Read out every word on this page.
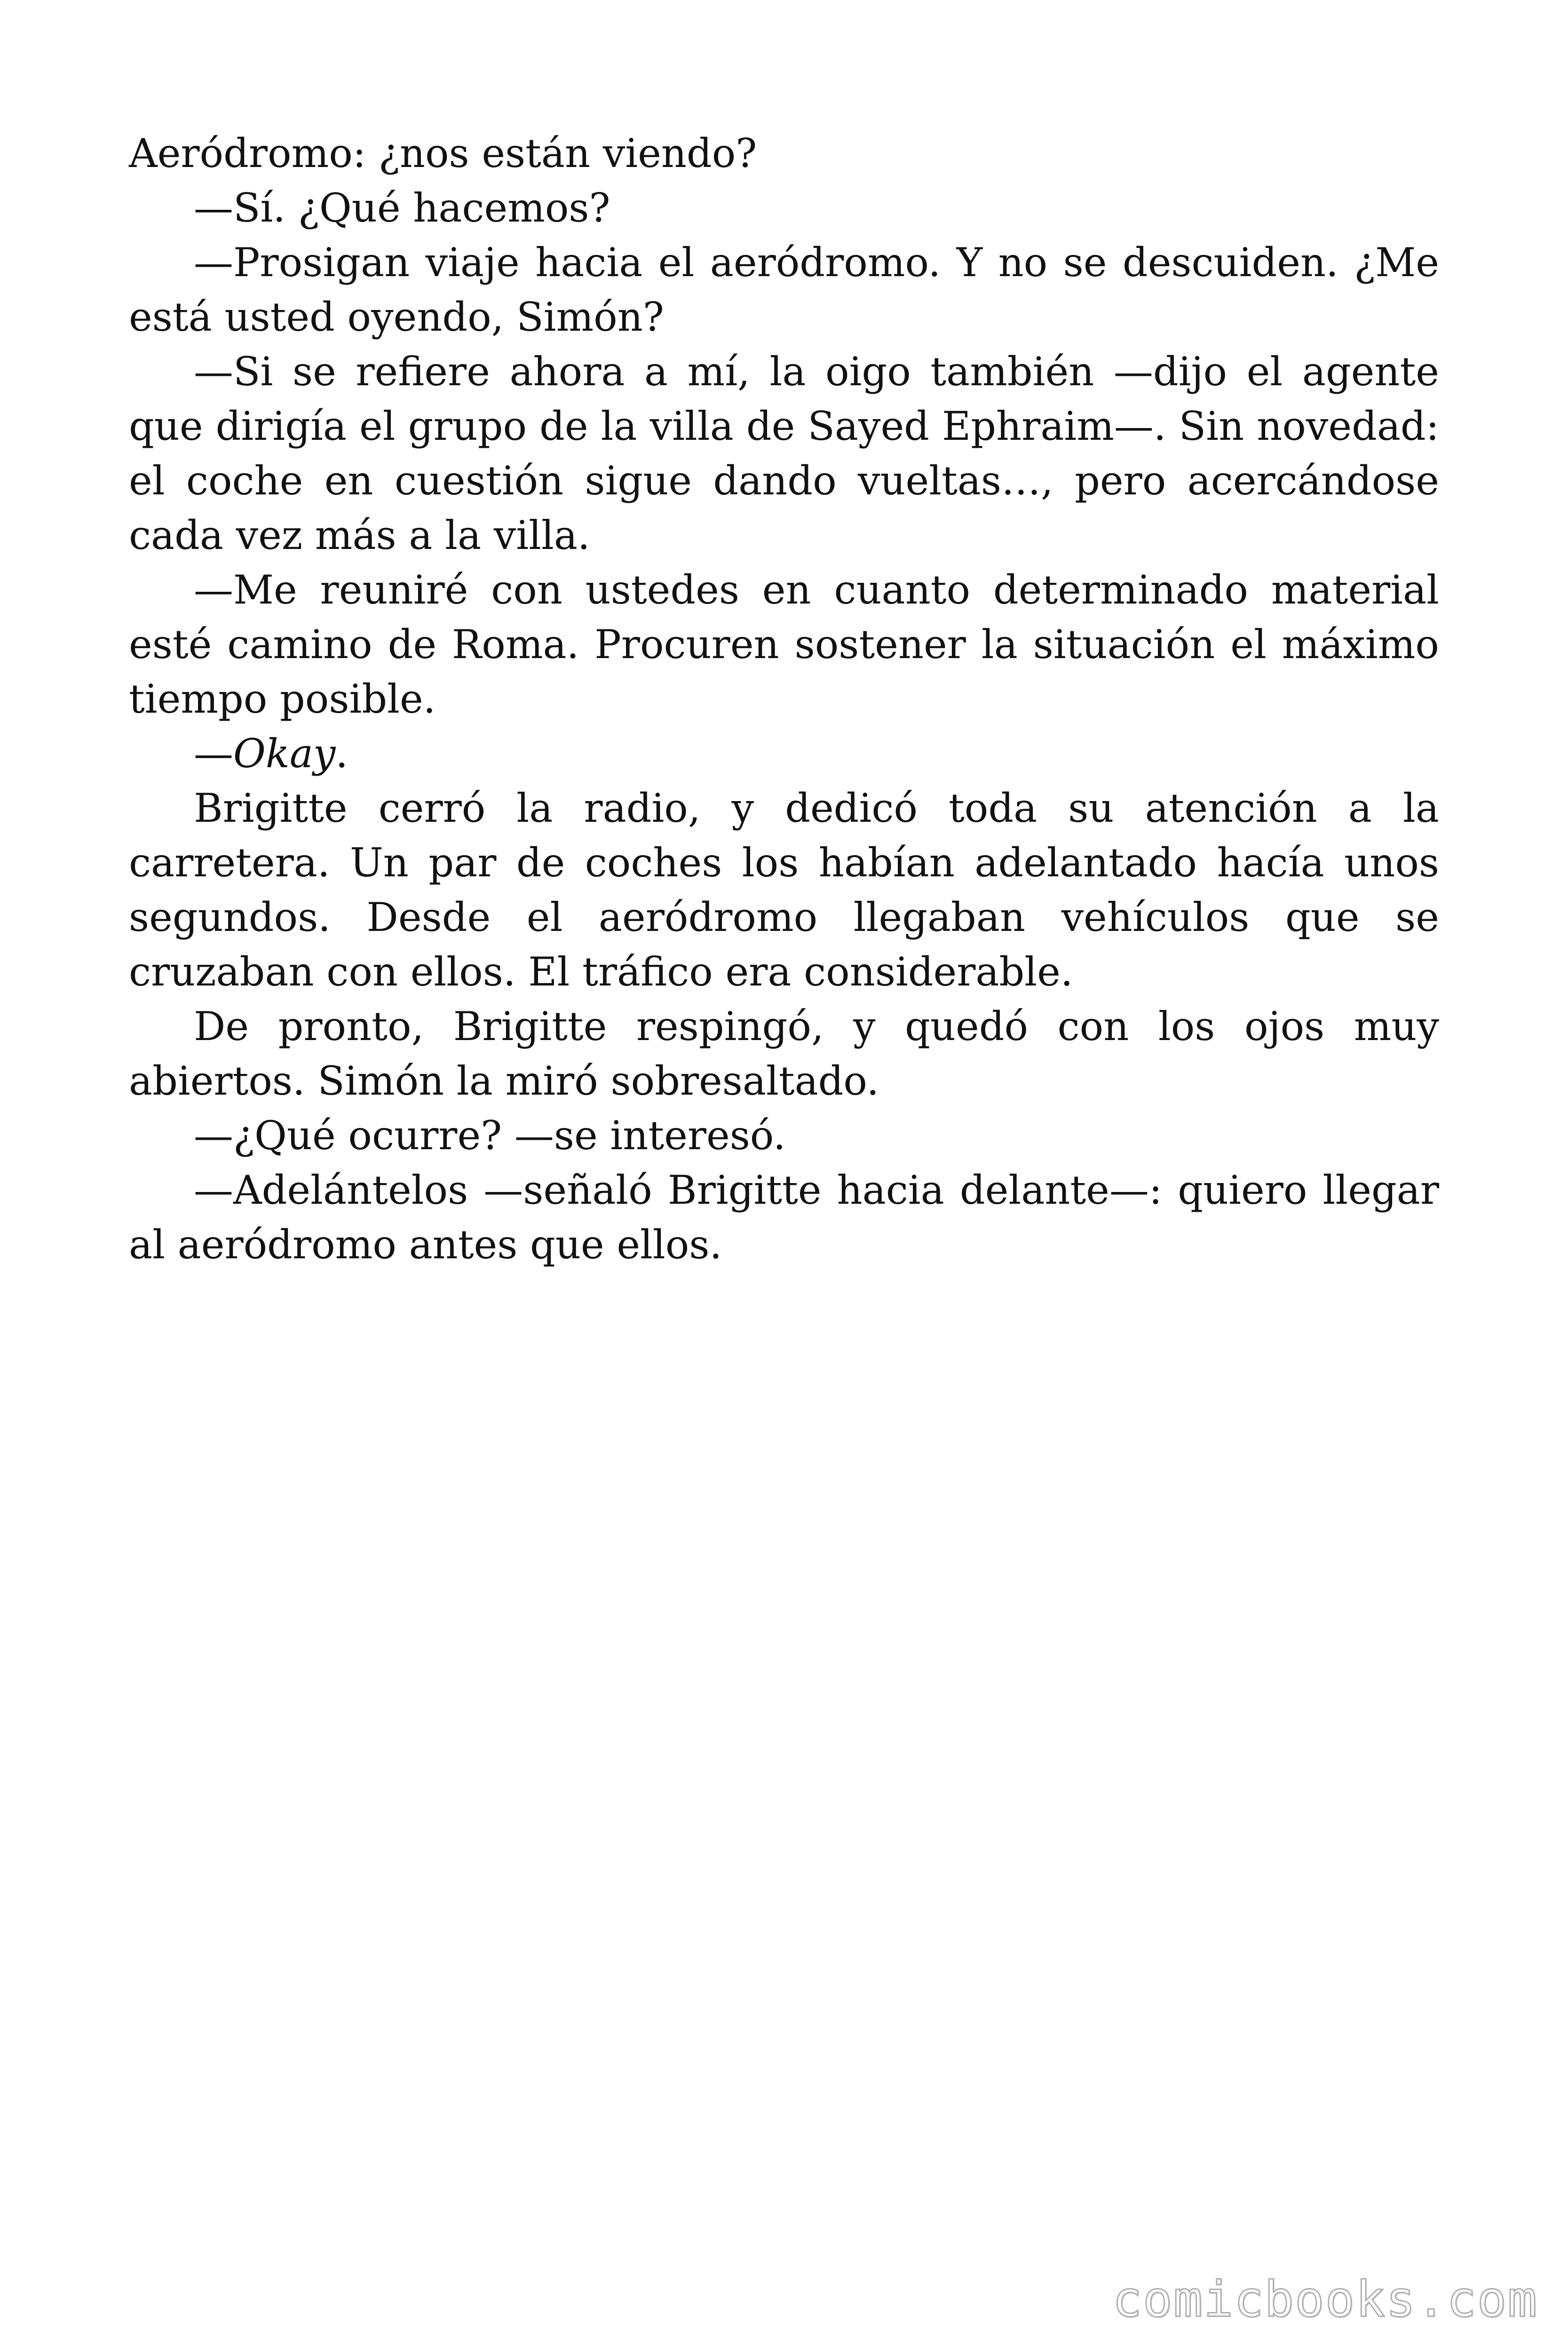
Aeródromo: ¿nos están viendo?

—Sí. ¿Qué hacemos?

—Prosigan viaje hacia el aeródromo. Y no se descuiden. ¿Me está usted oyendo, Simón?

—Si se refiere ahora a mí, la oigo también —dijo el agente que dirigía el grupo de la villa de Sayed Ephraim—. Sin novedad: el coche en cuestión sigue dando vueltas…, pero acercándose cada vez más a la villa.

—Me reuniré con ustedes en cuanto determinado material esté camino de Roma. Procuren sostener la situación el máximo tiempo posible.

—Okay.

Brigitte cerró la radio, y dedicó toda su atención a la carretera. Un par de coches los habían adelantado hacía unos segundos. Desde el aeródromo llegaban vehículos que se cruzaban con ellos. El tráfico era considerable.

De pronto, Brigitte respingó, y quedó con los ojos muy abiertos. Simón la miró sobresaltado.

—¿Qué ocurre? —se interesó.

—Adelántelos —señaló Brigitte hacia delante—: quiero llegar al aeródromo antes que ellos.

comicbooks.com
